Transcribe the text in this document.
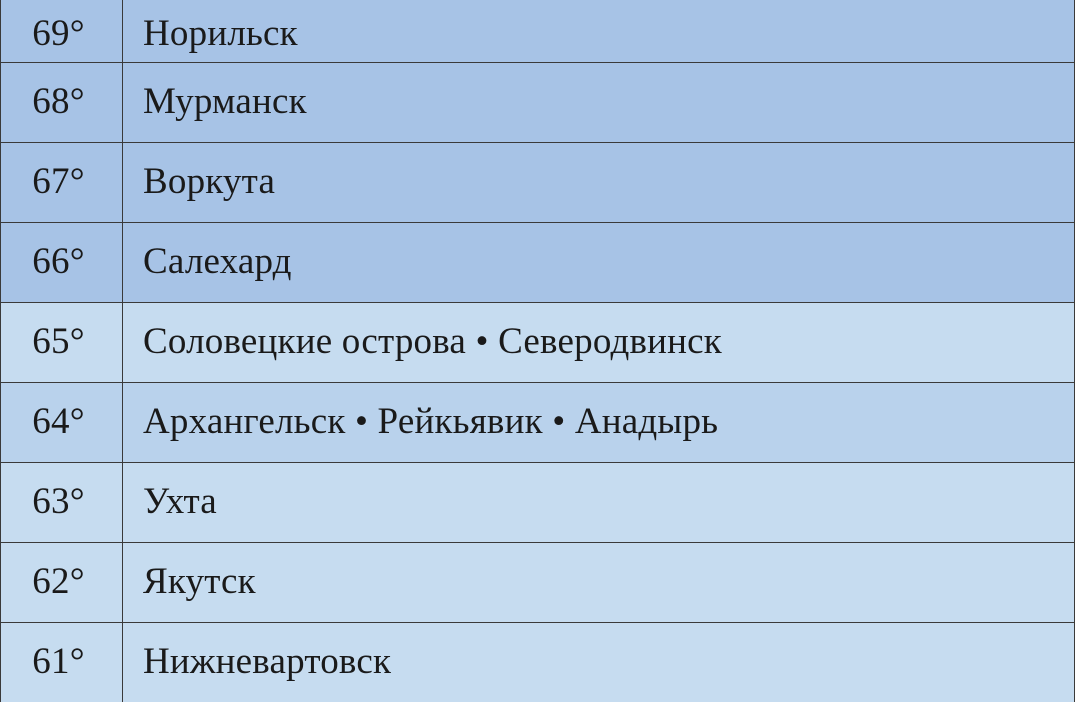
69°	Норильск
68°	Мурманск
67°	Воркута
66°	Салехард
65°	Соловецкие острова • Северодвинск
64°	Архангельск • Рейкьявик • Анадырь
63°	Ухта
62°	Якутск
61°	Нижневартовск
